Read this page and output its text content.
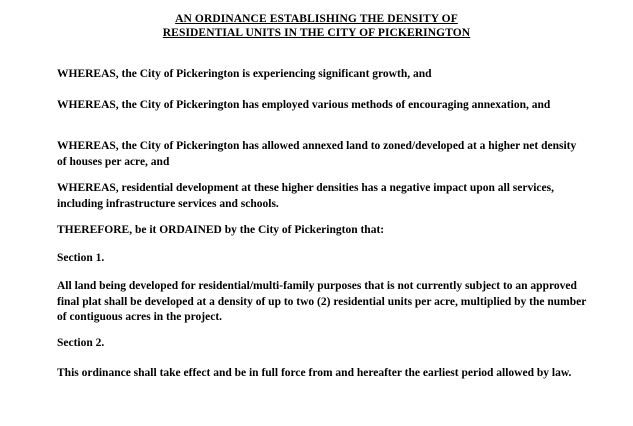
AN ORDINANCE ESTABLISHING THE DENSITY OF
RESIDENTIAL UNITS IN THE CITY OF PICKERINGTON

WHEREAS, the City of Pickerington is experiencing significant growth, and

WHEREAS, the City of Pickerington has employed various methods of encouraging annexation, and

WHEREAS, the City of Pickerington has allowed annexed land to zoned/developed at a higher net density of houses per acre, and

WHEREAS, residential development at these higher densities has a negative impact upon all services, including infrastructure services and schools.

THEREFORE, be it ORDAINED by the City of Pickerington that:

Section 1.

All land being developed for residential/multi-family purposes that is not currently subject to an approved final plat shall be developed at a density of up to two (2) residential units per acre, multiplied by the number of contiguous acres in the project.

Section 2.

This ordinance shall take effect and be in full force from and hereafter the earliest period allowed by law.
